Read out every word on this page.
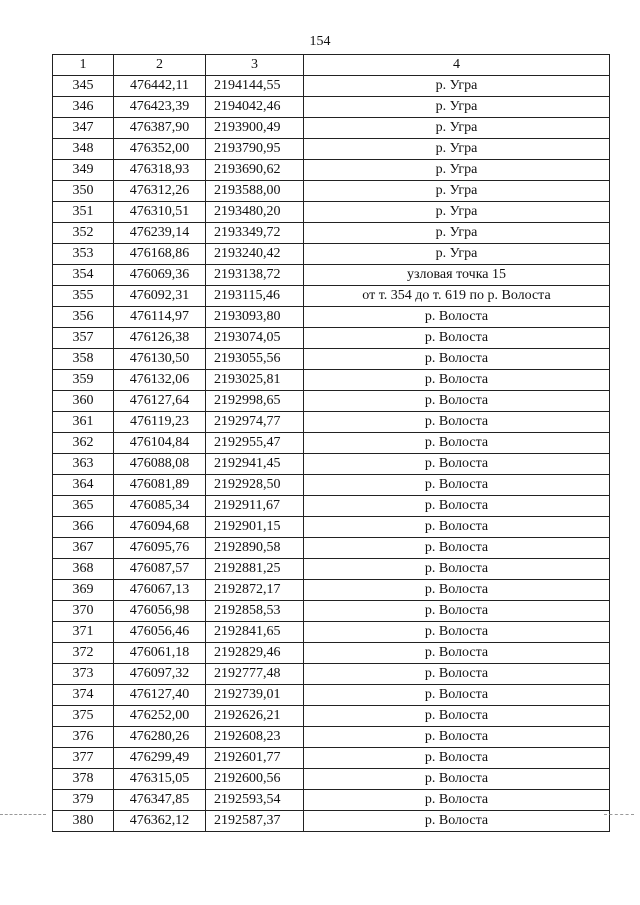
154
1	2	3	4
345	476442,11	2194144,55	р. Угра
346	476423,39	2194042,46	р. Угра
347	476387,90	2193900,49	р. Угра
348	476352,00	2193790,95	р. Угра
349	476318,93	2193690,62	р. Угра
350	476312,26	2193588,00	р. Угра
351	476310,51	2193480,20	р. Угра
352	476239,14	2193349,72	р. Угра
353	476168,86	2193240,42	р. Угра
354	476069,36	2193138,72	узловая точка 15
355	476092,31	2193115,46	от т. 354 до т. 619 по р. Волоста
356	476114,97	2193093,80	р. Волоста
357	476126,38	2193074,05	р. Волоста
358	476130,50	2193055,56	р. Волоста
359	476132,06	2193025,81	р. Волоста
360	476127,64	2192998,65	р. Волоста
361	476119,23	2192974,77	р. Волоста
362	476104,84	2192955,47	р. Волоста
363	476088,08	2192941,45	р. Волоста
364	476081,89	2192928,50	р. Волоста
365	476085,34	2192911,67	р. Волоста
366	476094,68	2192901,15	р. Волоста
367	476095,76	2192890,58	р. Волоста
368	476087,57	2192881,25	р. Волоста
369	476067,13	2192872,17	р. Волоста
370	476056,98	2192858,53	р. Волоста
371	476056,46	2192841,65	р. Волоста
372	476061,18	2192829,46	р. Волоста
373	476097,32	2192777,48	р. Волоста
374	476127,40	2192739,01	р. Волоста
375	476252,00	2192626,21	р. Волоста
376	476280,26	2192608,23	р. Волоста
377	476299,49	2192601,77	р. Волоста
378	476315,05	2192600,56	р. Волоста
379	476347,85	2192593,54	р. Волоста
380	476362,12	2192587,37	р. Волоста
